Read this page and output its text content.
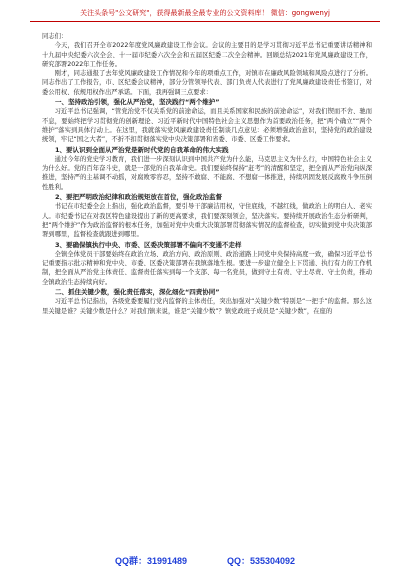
关注头条号"公文研究"，获得最新最全最专业的公文资料库！ 微信：gongwenyj

同志们：

今天，我们召开全市2022年度党风廉政建设工作会议。会议的主要目的是学习贯彻习近平总书记重要讲话精神和十九届中央纪委六次全会、十一届市纪委六次全会和五届区纪委二次全会精神。回顾总结2021年党风廉政建设工作，研究部署2022年工作任务。

刚才，同志通报了去年党风廉政建设工作情况和今年的项重点工作，对镇市在廉政风险领域和风险点进行了分析。同志作出了工作报告，市、区纪委会议精神，部分分管领导代表、部门负责人代表进行了党风廉政建设责任书签订，对委公用权、依规用权作出严承诺。下面，我再强调三点要求：

一、坚持政治引领，强化从严治党，坚决践行“两个维护”

习近平总书记强调，“管党治党不仅关系党的前途命运，而且关系国家和民族的前途命运”，对我们锲而不舍、驰而不息，要始终把学习贯彻党的创新理论、习近平新时代中国特色社会主义思想作为首要政治任务，把“两个确立”“两个维护”落实到具体行动上。在这里，我就落实党风廉政建设责任制谈几点意见：必须增强政治意识，坚持党的政治建设统领，牢记“国之大者”，不折不扣贯彻落实党中央决策部署和省委、市委、区委工作要求。

1、要认识到全面从严治党是新时代党的自我革命的伟大实践

通过今年的党史学习教育，我们进一步深刻认识到中国共产党为什么能，马克思主义为什么行，中国特色社会主义为什么好。党的百年奋斗史，就是一部党的自我革命史。我们要始终保持“赶考”的清醒和坚定，把全面从严治党向纵深推进，坚持严的主基调不动摇，对腐败零容忍，坚持不敢腐、不能腐、不想腐一体推进，持续巩固发展反腐败斗争压倒性胜利。

2、要把严明政治纪律和政治规矩放在首位，强化政治监督

书记在市纪委全会上指出，强化政治监督，要引导干部廉洁用权，守住底线，不越红线，做政治上的明白人、老实人。市纪委书记在对我区特色建设提出了新的更高要求，我们要深刻领会，坚决落实。要持续开展政治生态分析研判，把“两个维护”作为政治监督的根本任务，加强对党中央重大决策部署贯彻落实情况的监督检查，切实做到党中央决策部署到哪里，监督检查就跟进到哪里。

3、要确保镇执行中央、市委、区委决策部署不偏向不变通不走样

全镇全体党员干部要始终在政治立场、政治方向、政治原则、政治道路上同党中央保持高度一致，确保习近平总书记重要指示批示精神和党中央、市委、区委决策部署在我镇落地生根。要进一步建立健全上下贯通、执行有力的工作机制，把全面从严治党主体责任、监督责任落实到每一个支部、每一名党员，做到守土有责、守土尽责、守土负责，推动全镇政治生态持续向好。

二、抓住关键少数，强化责任落实，深化细化“四责协同”

习近平总书记指出，各级党委要履行党内监督的主体责任，突出加强对“关键少数”特别是“一把手”的监督。那么这里关键是谁？关键少数是什么？对我们镇来说，谁是“关键少数”？镇党政班子成员是“关键少数”，在座的

QQ群：31991489	QQ：535304092
